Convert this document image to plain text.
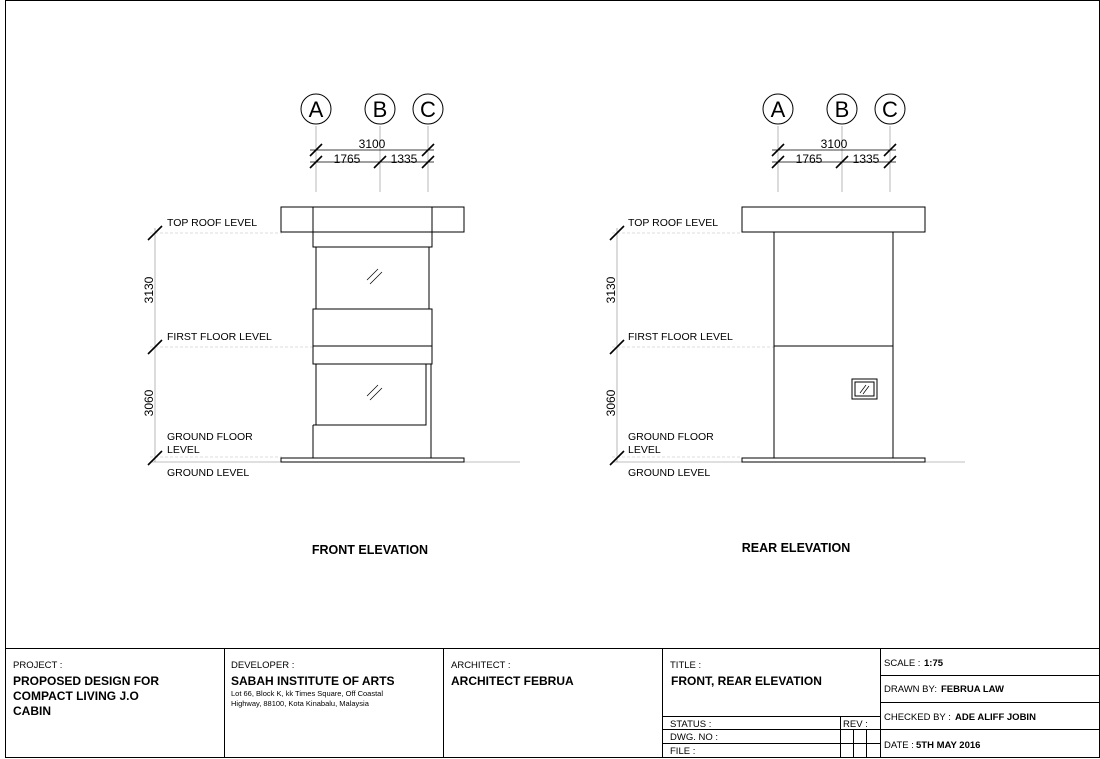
A B C
3100
1765	1335
3130
3060
TOP ROOF LEVEL
FIRST FLOOR LEVEL
GROUND FLOOR
LEVEL
GROUND LEVEL
FRONT ELEVATION
A B C
3100
1765	1335
3130
3060
TOP ROOF LEVEL
FIRST FLOOR LEVEL
GROUND FLOOR
LEVEL
GROUND LEVEL
REAR ELEVATION
PROJECT :
PROPOSED DESIGN FOR
COMPACT LIVING J.O
CABIN
DEVELOPER :
SABAH INSTITUTE OF ARTS
Lot 66, Block K, kk Times Square, Off Coastal
Highway, 88100, Kota Kinabalu, Malaysia
ARCHITECT :
ARCHITECT FEBRUA
TITLE :
FRONT, REAR ELEVATION
STATUS :	REV :
DWG. NO :
FILE :
SCALE : 1:75
DRAWN BY: FEBRUA LAW
CHECKED BY : ADE ALIFF JOBIN
DATE : 5TH MAY 2016
